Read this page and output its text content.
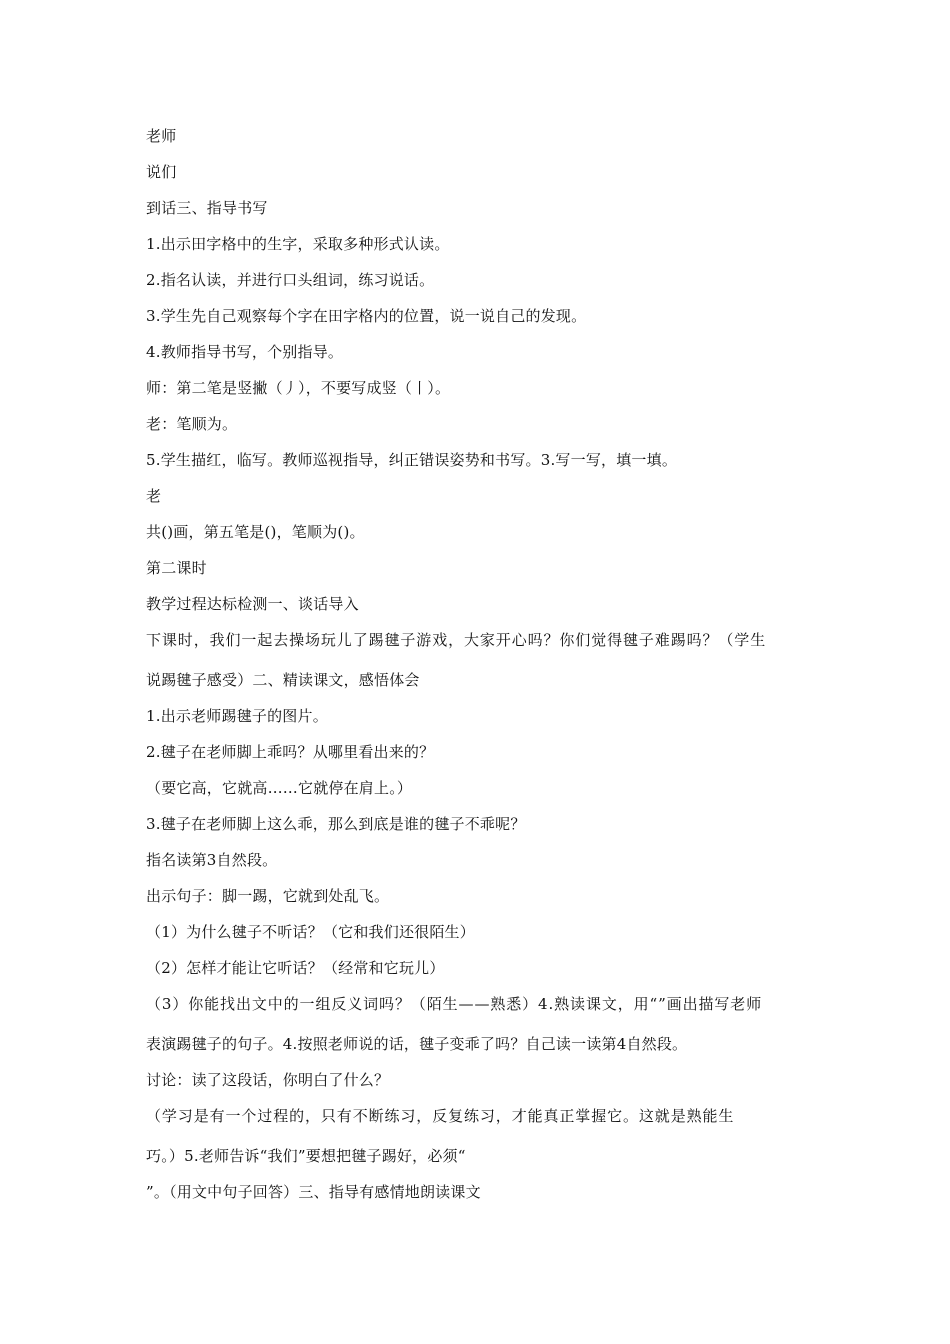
老师
说们
到话三、指导书写
1.出示田字格中的生字，采取多种形式认读。
2.指名认读，并进行口头组词，练习说话。
3.学生先自己观察每个字在田字格内的位置，说一说自己的发现。
4.教师指导书写，个别指导。
师：第二笔是竖撇（丿），不要写成竖（丨）。
老：笔顺为。
5.学生描红，临写。教师巡视指导，纠正错误姿势和书写。3.写一写，填一填。
老
共()画，第五笔是()，笔顺为()。
第二课时
教学过程达标检测一、谈话导入
下课时，我们一起去操场玩儿了踢毽子游戏，大家开心吗？你们觉得毽子难踢吗？（学生
说踢毽子感受）二、精读课文，感悟体会
1.出示老师踢毽子的图片。
2.毽子在老师脚上乖吗？从哪里看出来的？
（要它高，它就高……它就停在肩上。）
3.毽子在老师脚上这么乖，那么到底是谁的毽子不乖呢？
指名读第3自然段。
出示句子：脚一踢，它就到处乱飞。
（1）为什么毽子不听话？（它和我们还很陌生）
（2）怎样才能让它听话？（经常和它玩儿）
（3）你能找出文中的一组反义词吗？（陌生——熟悉）4.熟读课文，用“”画出描写老师
表演踢毽子的句子。4.按照老师说的话，毽子变乖了吗？自己读一读第4自然段。
讨论：读了这段话，你明白了什么？
（学习是有一个过程的，只有不断练习，反复练习，才能真正掌握它。这就是熟能生
巧。）5.老师告诉“我们”要想把毽子踢好，必须“
”。（用文中句子回答）三、指导有感情地朗读课文
